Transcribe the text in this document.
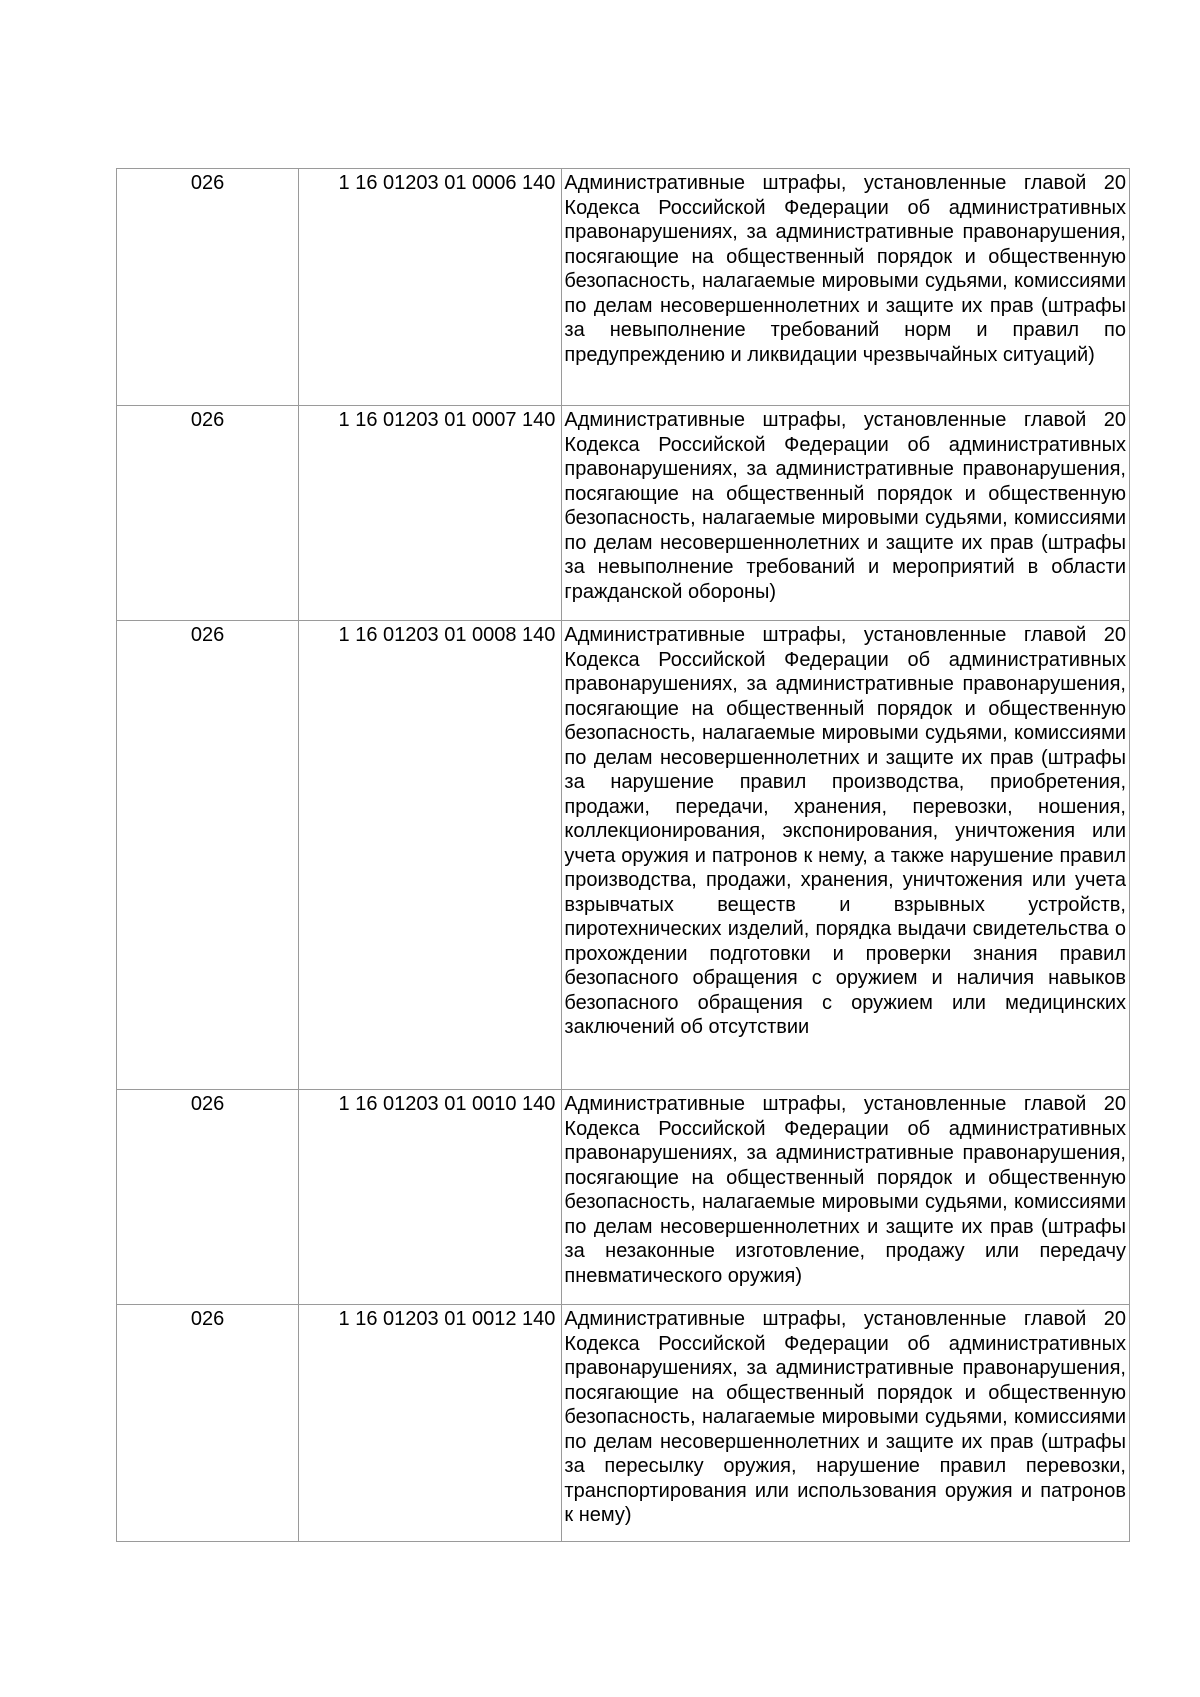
026	1 16 01203 01 0006 140	Административные штрафы, установленные главой 20 Кодекса Российской Федерации об административных правонарушениях, за административные правонарушения, посягающие на общественный порядок и общественную безопасность, налагаемые мировыми судьями, комиссиями по делам несовершеннолетних и защите их прав (штрафы за невыполнение требований норм и правил по предупреждению и ликвидации чрезвычайных ситуаций)

026	1 16 01203 01 0007 140	Административные штрафы, установленные главой 20 Кодекса Российской Федерации об административных правонарушениях, за административные правонарушения, посягающие на общественный порядок и общественную безопасность, налагаемые мировыми судьями, комиссиями по делам несовершеннолетних и защите их прав (штрафы за невыполнение требований и мероприятий в области гражданской обороны)

026	1 16 01203 01 0008 140	Административные штрафы, установленные главой 20 Кодекса Российской Федерации об административных правонарушениях, за административные правонарушения, посягающие на общественный порядок и общественную безопасность, налагаемые мировыми судьями, комиссиями по делам несовершеннолетних и защите их прав (штрафы за нарушение правил производства, приобретения, продажи, передачи, хранения, перевозки, ношения, коллекционирования, экспонирования, уничтожения или учета оружия и патронов к нему, а также нарушение правил производства, продажи, хранения, уничтожения или учета взрывчатых веществ и взрывных устройств, пиротехнических изделий, порядка выдачи свидетельства о прохождении подготовки и проверки знания правил безопасного обращения с оружием и наличия навыков безопасного обращения с оружием или медицинских заключений об отсутствии

026	1 16 01203 01 0010 140	Административные штрафы, установленные главой 20 Кодекса Российской Федерации об административных правонарушениях, за административные правонарушения, посягающие на общественный порядок и общественную безопасность, налагаемые мировыми судьями, комиссиями по делам несовершеннолетних и защите их прав (штрафы за незаконные изготовление, продажу или передачу пневматического оружия)

026	1 16 01203 01 0012 140	Административные штрафы, установленные главой 20 Кодекса Российской Федерации об административных правонарушениях, за административные правонарушения, посягающие на общественный порядок и общественную безопасность, налагаемые мировыми судьями, комиссиями по делам несовершеннолетних и защите их прав (штрафы за пересылку оружия, нарушение правил перевозки, транспортирования или использования оружия и патронов к нему)
